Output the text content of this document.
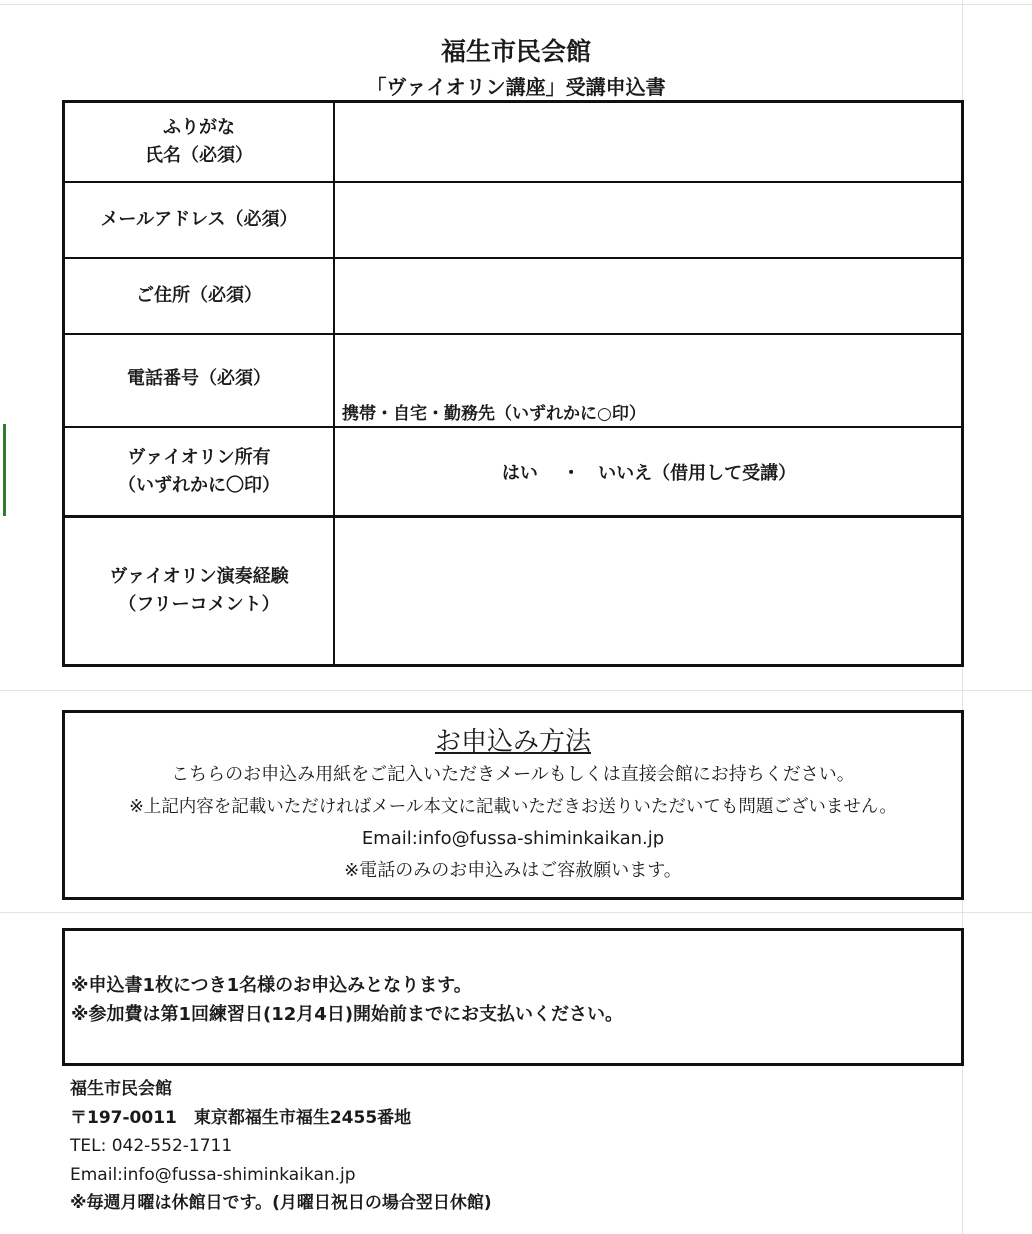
福生市民会館
「ヴァイオリン講座」受講申込書
ふりがな
氏名（必須）
メールアドレス（必須）
ご住所（必須）
電話番号（必須）
携帯・自宅・勤務先（いずれかに○印）
ヴァイオリン所有
（いずれかに〇印）
はい　 ・　いいえ（借用して受講）
ヴァイオリン演奏経験
（フリーコメント）
お申込み方法
こちらのお申込み用紙をご記入いただきメールもしくは直接会館にお持ちください。
※上記内容を記載いただければメール本文に記載いただきお送りいただいても問題ございません。
Email:info@fussa-shiminkaikan.jp
※電話のみのお申込みはご容赦願います。
※申込書1枚につき1名様のお申込みとなります。
※参加費は第1回練習日(12月4日)開始前までにお支払いください。
福生市民会館
〒197-0011　東京都福生市福生2455番地
TEL: 042-552-1711
Email:info@fussa-shiminkaikan.jp
※毎週月曜は休館日です。(月曜日祝日の場合翌日休館)
